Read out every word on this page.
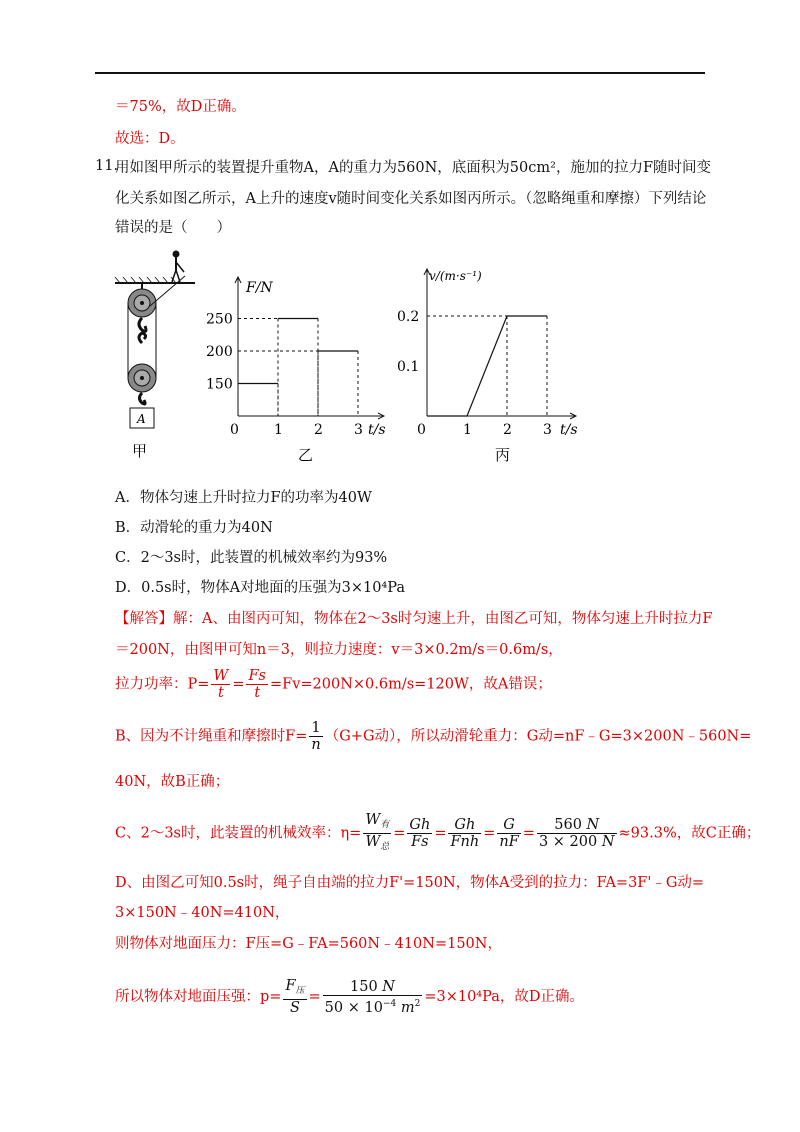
＝75%，故D正确。
故选：D。
11.
用如图甲所示的装置提升重物A，A的重力为560N，底面积为50cm²，施加的拉力F随时间变
化关系如图乙所示，A上升的速度v随时间变化关系如图丙所示。（忽略绳重和摩擦）下列结论
错误的是（　　）
A
甲
F/N
t/s
0
150
200
250
1 2 3
乙
v/(m·s⁻¹)
t/s
0
0.2
0.1
1 2 3
丙
A．物体匀速上升时拉力F的功率为40W
B．动滑轮的重力为40N
C．2～3s时，此装置的机械效率约为93%
D．0.5s时，物体A对地面的压强为3×10⁴Pa
【解答】解：A、由图丙可知，物体在2～3s时匀速上升，由图乙可知，物体匀速上升时拉力F
＝200N，由图甲可知n＝3，则拉力速度：v＝3×0.2m/s＝0.6m/s，
拉力功率：$P= \frac{W}{t} = \frac{Fs}{t} =Fv=200N\times 0.6m/s=120W$，故A错误；
B、因为不计绳重和摩擦时$F= \frac{1}{n} (G+G$动），所以动滑轮重力：G动=nF﹣G=3×200N﹣560N=
40N，故B正确；
C、2～3s时，此装置的机械效率：$\eta= \frac{W_有}{W_总} = \frac{Gh}{Fs} = \frac{Gh}{\text{Fnh}} = \frac{G}{nF} = \frac{560 N}{3 \times 200 N} \approx 93.3\%$，故C正确；
D、由图乙可知0.5s时，绳子自由端的拉力F'=150N，物体A受到的拉力：FA=3F'﹣G动=
3×150N﹣40N=410N，
则物体对地面压力：F压=G﹣FA=560N﹣410N=150N，
所以物体对地面压强：$p= \frac{F_压}{S} = \frac{150 N}{50 \times 10^{-4} m^2} =3\times 10^4Pa$，故D正确。
